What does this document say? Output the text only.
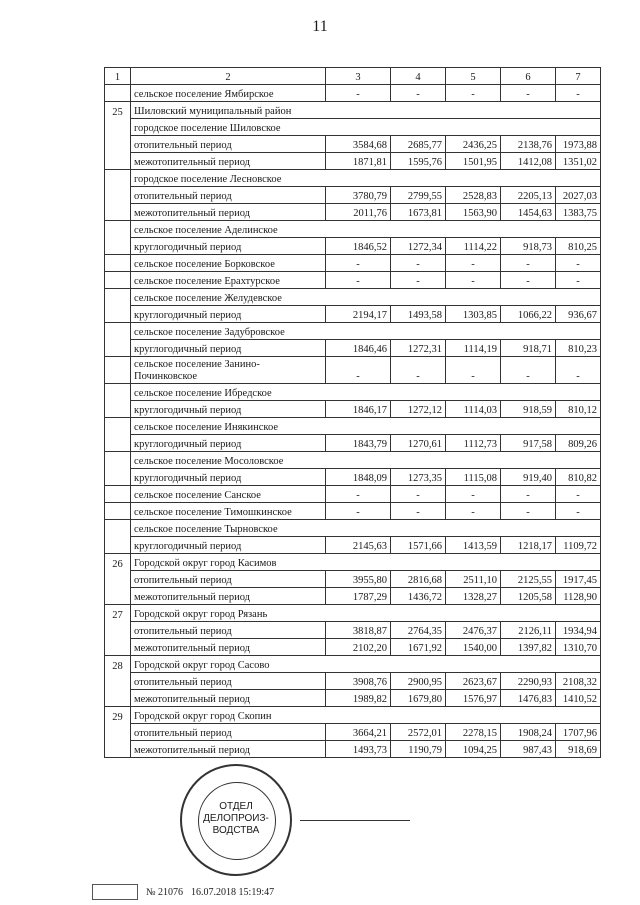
11
1	2	3	4	5	6	7
	сельское поселение Ямбирское	-	-	-	-	-
25	Шиловский муниципальный район					
	городское поселение Шиловское					
	отопительный период	3584,68	2685,77	2436,25	2138,76	1973,88
	межотопительный период	1871,81	1595,76	1501,95	1412,08	1351,02
	городское поселение Лесновское					
	отопительный период	3780,79	2799,55	2528,83	2205,13	2027,03
	межотопительный период	2011,76	1673,81	1563,90	1454,63	1383,75
	сельское поселение Аделинское					
	круглогодичный период	1846,52	1272,34	1114,22	918,73	810,25
	сельское поселение Борковское	-	-	-	-	-
	сельское поселение Ерахтурское	-	-	-	-	-
	сельское поселение Желудевское					
	круглогодичный период	2194,17	1493,58	1303,85	1066,22	936,67
	сельское поселение Задубровское					
	круглогодичный период	1846,46	1272,31	1114,19	918,71	810,23
	сельское поселение Занино-Починковское	-	-	-	-	-
	сельское поселение Ибредское					
	круглогодичный период	1846,17	1272,12	1114,03	918,59	810,12
	сельское поселение Инякинское					
	круглогодичный период	1843,79	1270,61	1112,73	917,58	809,26
	сельское поселение Мосоловское					
	круглогодичный период	1848,09	1273,35	1115,08	919,40	810,82
	сельское поселение Санское	-	-	-	-	-
	сельское поселение Тимошкинское	-	-	-	-	-
	сельское поселение Тырновское					
	круглогодичный период	2145,63	1571,66	1413,59	1218,17	1109,72
26	Городской округ город Касимов					
	отопительный период	3955,80	2816,68	2511,10	2125,55	1917,45
	межотопительный период	1787,29	1436,72	1328,27	1205,58	1128,90
27	Городской округ город Рязань					
	отопительный период	3818,87	2764,35	2476,37	2126,11	1934,94
	межотопительный период	2102,20	1671,92	1540,00	1397,82	1310,70
28	Городской округ город Сасово					
	отопительный период	3908,76	2900,95	2623,67	2290,93	2108,32
	межотопительный период	1989,82	1679,80	1576,97	1476,83	1410,52
29	Городской округ город Скопин					
	отопительный период	3664,21	2572,01	2278,15	1908,24	1707,96
	межотопительный период	1493,73	1190,79	1094,25	987,43	918,69
ОТДЕЛ
ДЕЛОПРОИЗ-
ВОДСТВА
№ 21076 16.07.2018 15:19:47
